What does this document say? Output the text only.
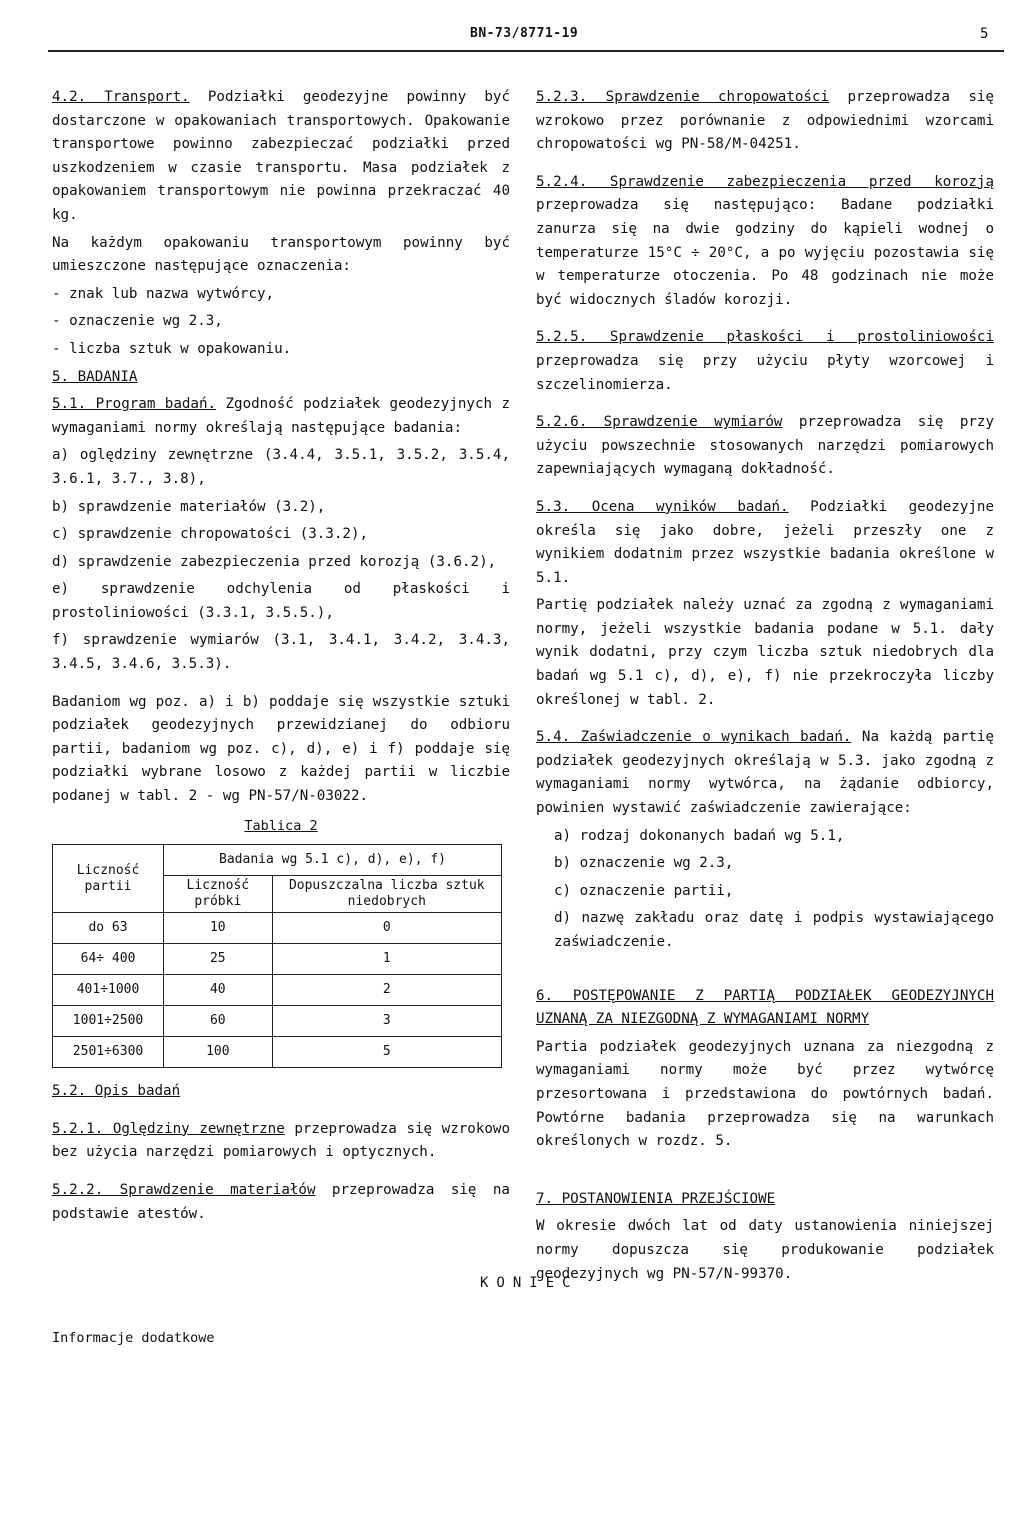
BN-73/8771-19	5

4.2. Transport. Podziałki geodezyjne powinny być dostarczone w opakowaniach transportowych. Opakowanie transportowe powinno zabezpieczać podziałki przed uszkodzeniem w czasie transportu. Masa podziałek z opakowaniem transportowym nie powinna przekraczać 40 kg.

Na każdym opakowaniu transportowym powinny być umieszczone następujące oznaczenia:

- znak lub nazwa wytwórcy,

- oznaczenie wg 2.3,

- liczba sztuk w opakowaniu.

5. BADANIA

5.1. Program badań. Zgodność podziałek geodezyjnych z wymaganiami normy określają następujące badania:

a) oględziny zewnętrzne (3.4.4, 3.5.1, 3.5.2, 3.5.4, 3.6.1, 3.7., 3.8),

b) sprawdzenie materiałów (3.2),

c) sprawdzenie chropowatości (3.3.2),

d) sprawdzenie zabezpieczenia przed korozją (3.6.2),

e) sprawdzenie odchylenia od płaskości i prostoliniowości (3.3.1, 3.5.5.),

f) sprawdzenie wymiarów (3.1, 3.4.1, 3.4.2, 3.4.3, 3.4.5, 3.4.6, 3.5.3).

Badaniom wg poz. a) i b) poddaje się wszystkie sztuki podziałek geodezyjnych przewidzianej do odbioru partii, badaniom wg poz. c), d), e) i f) poddaje się podziałki wybrane losowo z każdej partii w liczbie podanej w tabl. 2 - wg PN-57/N-03022.

Tablica 2
Liczność partii	Badania wg 5.1 c), d), e), f)	
	Liczność próbki	Dopuszczalna liczba sztuk niedobrych
do 63	10	0
64÷ 400	25	1
401÷1000	40	2
1001÷2500	60	3
2501÷6300	100	5

5.2. Opis badań

5.2.1. Oględziny zewnętrzne przeprowadza się wzrokowo bez użycia narzędzi pomiarowych i optycznych.

5.2.2. Sprawdzenie materiałów przeprowadza się na podstawie atestów.

5.2.3. Sprawdzenie chropowatości przeprowadza się wzrokowo przez porównanie z odpowiednimi wzorcami chropowatości wg PN-58/M-04251.

5.2.4. Sprawdzenie zabezpieczenia przed korozją przeprowadza się następująco: Badane podziałki zanurza się na dwie godziny do kąpieli wodnej o temperaturze 15°C ÷ 20°C, a po wyjęciu pozostawia się w temperaturze otoczenia. Po 48 godzinach nie może być widocznych śladów korozji.

5.2.5. Sprawdzenie płaskości i prostoliniowości przeprowadza się przy użyciu płyty wzorcowej i szczelinomierza.

5.2.6. Sprawdzenie wymiarów przeprowadza się przy użyciu powszechnie stosowanych narzędzi pomiarowych zapewniających wymaganą dokładność.

5.3. Ocena wyników badań. Podziałki geodezyjne określa się jako dobre, jeżeli przeszły one z wynikiem dodatnim przez wszystkie badania określone w 5.1.

Partię podziałek należy uznać za zgodną z wymaganiami normy, jeżeli wszystkie badania podane w 5.1. dały wynik dodatni, przy czym liczba sztuk niedobrych dla badań wg 5.1 c), d), e), f) nie przekroczyła liczby określonej w tabl. 2.

5.4. Zaświadczenie o wynikach badań. Na każdą partię podziałek geodezyjnych określają w 5.3. jako zgodną z wymaganiami normy wytwórca, na żądanie odbiorcy, powinien wystawić zaświadczenie zawierające:

a) rodzaj dokonanych badań wg 5.1,

b) oznaczenie wg 2.3,

c) oznaczenie partii,

d) nazwę zakładu oraz datę i podpis wystawiającego zaświadczenie.

6. POSTĘPOWANIE Z PARTIĄ PODZIAŁEK GEODEZYJNYCH UZNANĄ ZA NIEZGODNĄ Z WYMAGANIAMI NORMY

Partia podziałek geodezyjnych uznana za niezgodną z wymaganiami normy może być przez wytwórcę przesortowana i przedstawiona do powtórnych badań. Powtórne badania przeprowadza się na warunkach określonych w rozdz. 5.

7. POSTANOWIENIA PRZEJŚCIOWE

W okresie dwóch lat od daty ustanowienia niniejszej normy dopuszcza się produkowanie podziałek geodezyjnych wg PN-57/N-99370.

KONIEC
Informacje dodatkowe
